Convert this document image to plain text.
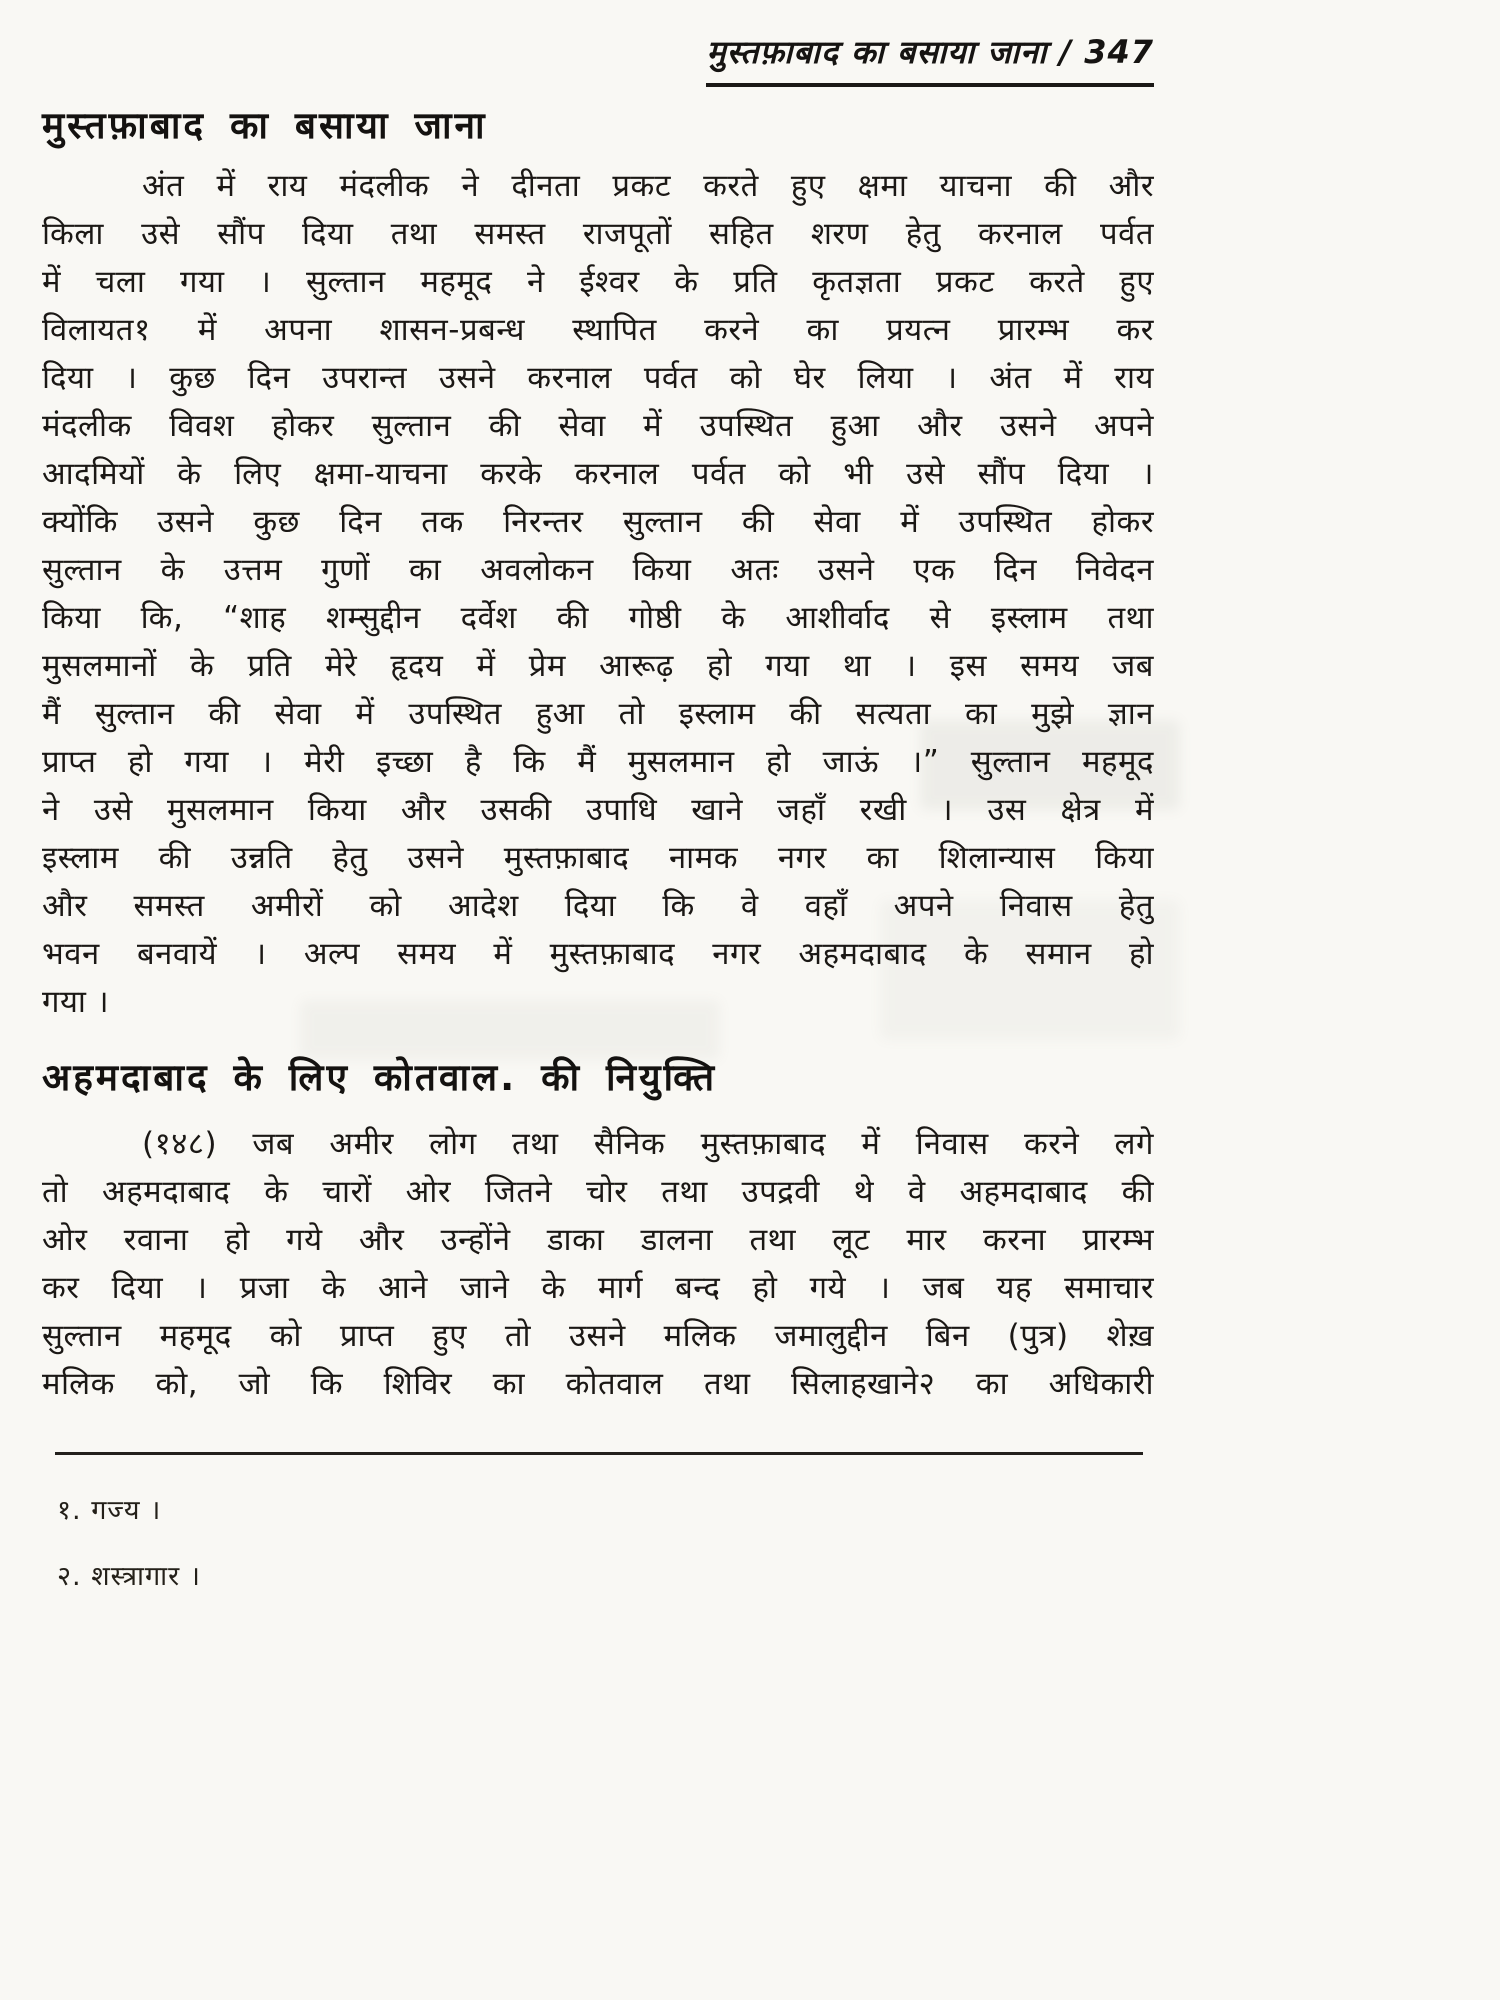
मुस्तफ़ाबाद का बसाया जाना / 347
मुस्तफ़ाबाद का बसाया जाना
अंत में राय मंदलीक ने दीनता प्रकट करते हुए क्षमा याचना की और
किला उसे सौंप दिया तथा समस्त राजपूतों सहित शरण हेतु करनाल पर्वत
में चला गया । सुल्तान महमूद ने ईश्वर के प्रति कृतज्ञता प्रकट करते हुए
विलायत१ में अपना शासन-प्रबन्ध स्थापित करने का प्रयत्न प्रारम्भ कर
दिया । कुछ दिन उपरान्त उसने करनाल पर्वत को घेर लिया । अंत में राय
मंदलीक विवश होकर सुल्तान की सेवा में उपस्थित हुआ और उसने अपने
आदमियों के लिए क्षमा-याचना करके करनाल पर्वत को भी उसे सौंप दिया ।
क्योंकि उसने कुछ दिन तक निरन्तर सुल्तान की सेवा में उपस्थित होकर
सुल्तान के उत्तम गुणों का अवलोकन किया अतः उसने एक दिन निवेदन
किया कि, “शाह शम्सुद्दीन दर्वेश की गोष्ठी के आशीर्वाद से इस्लाम तथा
मुसलमानों के प्रति मेरे हृदय में प्रेम आरूढ़ हो गया था । इस समय जब
मैं सुल्तान की सेवा में उपस्थित हुआ तो इस्लाम की सत्यता का मुझे ज्ञान
प्राप्त हो गया । मेरी इच्छा है कि मैं मुसलमान हो जाऊं ।” सुल्तान महमूद
ने उसे मुसलमान किया और उसकी उपाधि खाने जहाँ रखी । उस क्षेत्र में
इस्लाम की उन्नति हेतु उसने मुस्तफ़ाबाद नामक नगर का शिलान्यास किया
और समस्त अमीरों को आदेश दिया कि वे वहाँ अपने निवास हेतु
भवन बनवायें । अल्प समय में मुस्तफ़ाबाद नगर अहमदाबाद के समान हो
गया ।
अहमदाबाद के लिए कोतवाल. की नियुक्ति
(१४८) जब अमीर लोग तथा सैनिक मुस्तफ़ाबाद में निवास करने लगे
तो अहमदाबाद के चारों ओर जितने चोर तथा उपद्रवी थे वे अहमदाबाद की
ओर रवाना हो गये और उन्होंने डाका डालना तथा लूट मार करना प्रारम्भ
कर दिया । प्रजा के आने जाने के मार्ग बन्द हो गये । जब यह समाचार
सुल्तान महमूद को प्राप्त हुए तो उसने मलिक जमालुद्दीन बिन (पुत्र) शेख़
मलिक को, जो कि शिविर का कोतवाल तथा सिलाहखाने२ का अधिकारी
१. गज्य ।
२. शस्त्रागार ।
